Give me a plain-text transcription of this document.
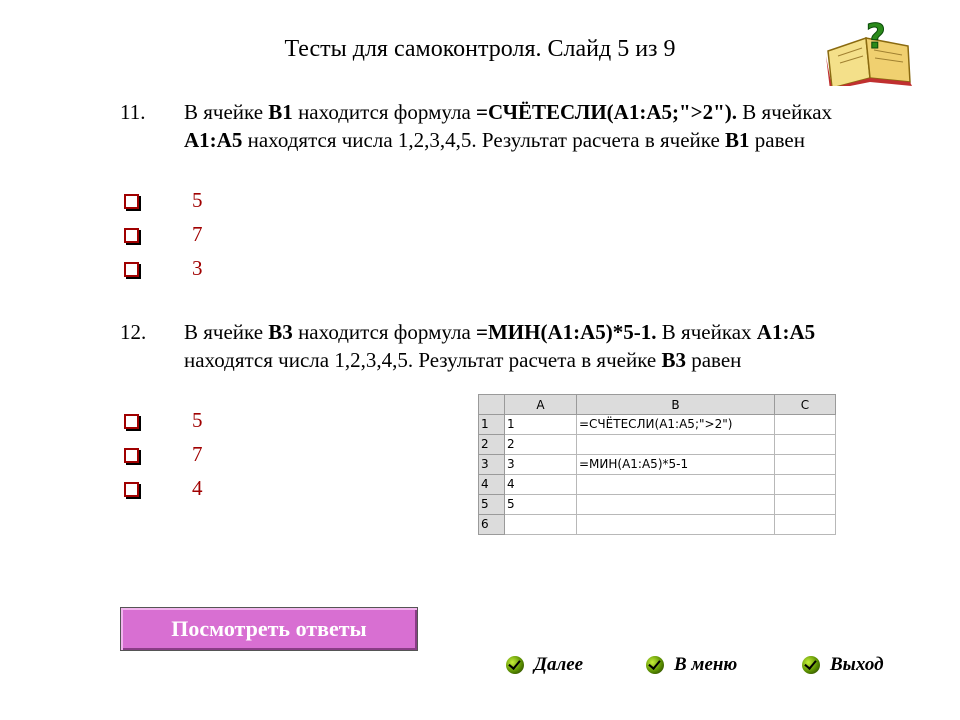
Тесты для самоконтроля. Слайд 5 из 9	?
11. В ячейке B1 находится формула =СЧЁТЕСЛИ(A1:A5;">2"). В ячейках A1:A5 находятся числа 1,2,3,4,5. Результат расчета в ячейке B1 равен
5
7
3
12. В ячейке B3 находится формула =МИН(A1:A5)*5-1. В ячейках A1:A5 находятся числа 1,2,3,4,5. Результат расчета в ячейке B3 равен
5
7
4
	A	B	C
1	1	=СЧЁТЕСЛИ(A1:A5;">2")	
2	2		
3	3	=МИН(A1:A5)*5-1	
4	4		
5	5		
6			
Посмотреть ответы
Далее	В меню	Выход
